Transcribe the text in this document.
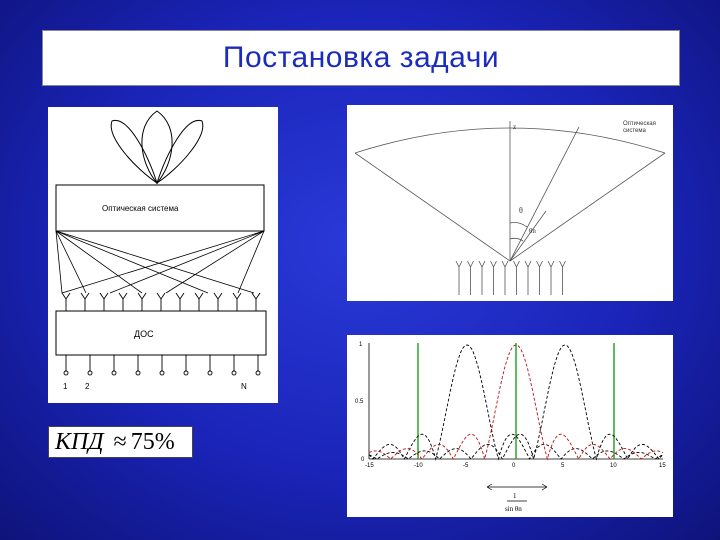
Постановка задачи
Оптическая система
ДОС
1 2	N
z
θ
θn
Оптическая
система
1
0.5
0
-15	-10	-5	0	5	10	15
1
sin θn
КПД ≈ 75%
